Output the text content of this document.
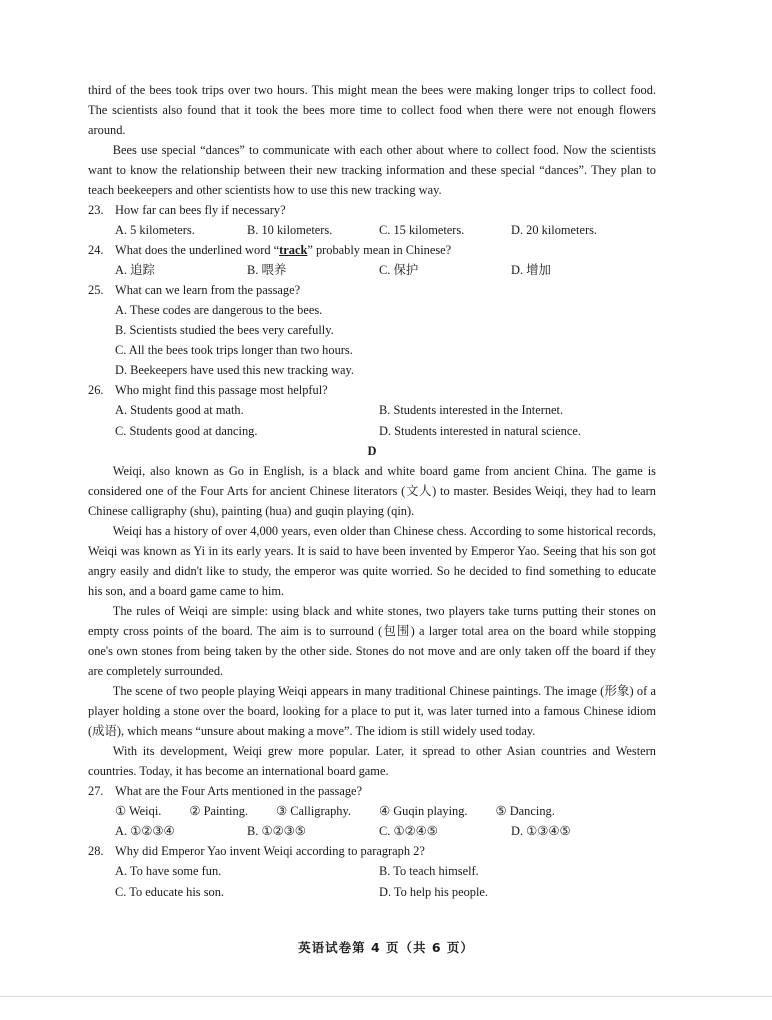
third of the bees took trips over two hours. This might mean the bees were making longer trips to collect food. The scientists also found that it took the bees more time to collect food when there were not enough flowers around.

Bees use special “dances” to communicate with each other about where to collect food. Now the scientists want to know the relationship between their new tracking information and these special “dances”. They plan to teach beekeepers and other scientists how to use this new tracking way.

23. How far can bees fly if necessary?
A. 5 kilometers.	B. 10 kilometers.	C. 15 kilometers.	D. 20 kilometers.
24. What does the underlined word “track” probably mean in Chinese?
A. 追踪	B. 喂养	C. 保护	D. 增加
25. What can we learn from the passage?
A. These codes are dangerous to the bees.
B. Scientists studied the bees very carefully.
C. All the bees took trips longer than two hours.
D. Beekeepers have used this new tracking way.
26. Who might find this passage most helpful?
A. Students good at math.	B. Students interested in the Internet.
C. Students good at dancing.	D. Students interested in natural science.
D

Weiqi, also known as Go in English, is a black and white board game from ancient China. The game is considered one of the Four Arts for ancient Chinese literators (文人) to master. Besides Weiqi, they had to learn Chinese calligraphy (shu), painting (hua) and guqin playing (qin).

Weiqi has a history of over 4,000 years, even older than Chinese chess. According to some historical records, Weiqi was known as Yi in its early years. It is said to have been invented by Emperor Yao. Seeing that his son got angry easily and didn't like to study, the emperor was quite worried. So he decided to find something to educate his son, and a board game came to him.

The rules of Weiqi are simple: using black and white stones, two players take turns putting their stones on empty cross points of the board. The aim is to surround (包围) a larger total area on the board while stopping one's own stones from being taken by the other side. Stones do not move and are only taken off the board if they are completely surrounded.

The scene of two people playing Weiqi appears in many traditional Chinese paintings. The image (形象) of a player holding a stone over the board, looking for a place to put it, was later turned into a famous Chinese idiom (成语), which means “unsure about making a move”. The idiom is still widely used today.

With its development, Weiqi grew more popular. Later, it spread to other Asian countries and Western countries. Today, it has become an international board game.

27. What are the Four Arts mentioned in the passage?
① Weiqi. ② Painting. ③ Calligraphy. ④ Guqin playing. ⑤ Dancing.
A. ①②③④	B. ①②③⑤	C. ①②④⑤	D. ①③④⑤
28. Why did Emperor Yao invent Weiqi according to paragraph 2?
A. To have some fun.	B. To teach himself.
C. To educate his son.	D. To help his people.
英语试卷第 4 页（共 6 页）
